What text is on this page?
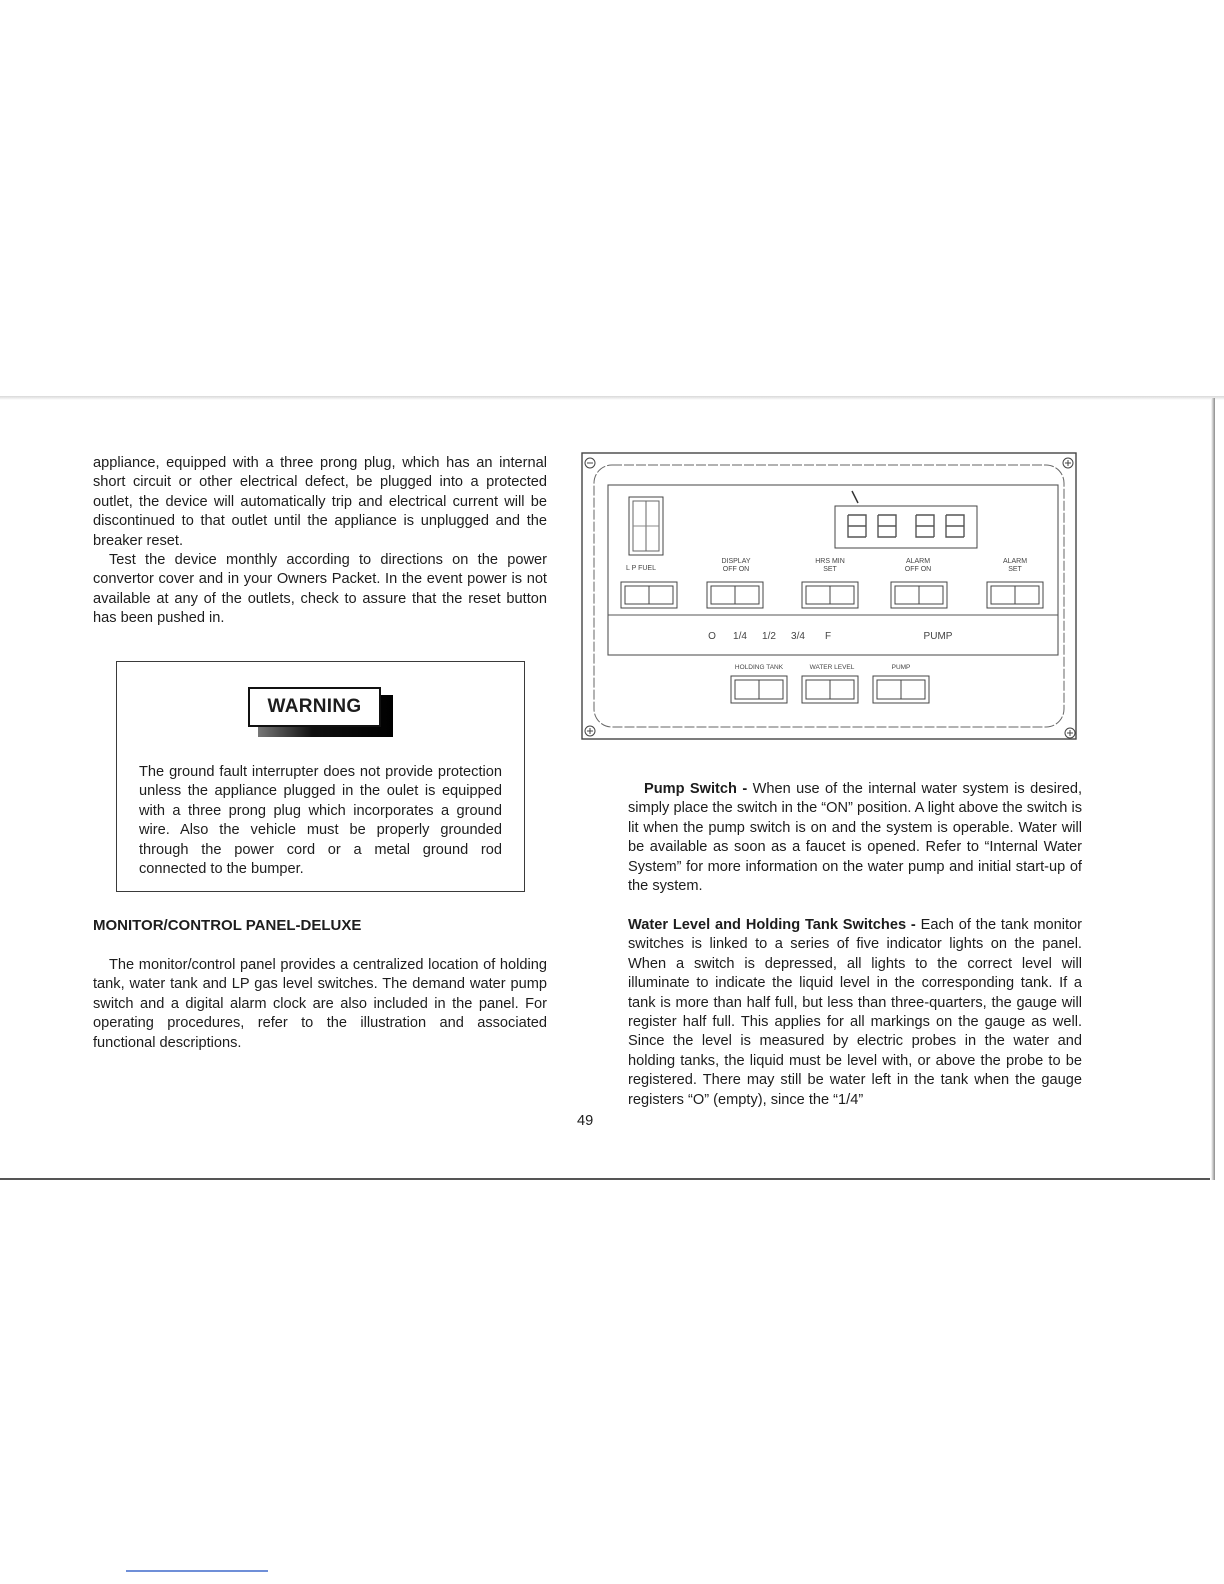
appliance, equipped with a three prong plug, which has an internal short circuit or other electrical defect, be plugged into a protected outlet, the device will automatically trip and electrical current will be discontinued to that outlet until the appliance is unplugged and the breaker reset.

Test the device monthly according to directions on the power convertor cover and in your Owners Packet. In the event power is not available at any of the outlets, check to assure that the reset button has been pushed in.

WARNING
The ground fault interrupter does not provide protection unless the appliance plugged in the oulet is equipped with a three prong plug which incorporates a ground wire. Also the vehicle must be properly grounded through the power cord or a metal ground rod connected to the bumper.
MONITOR/CONTROL PANEL-DELUXE

The monitor/control panel provides a centralized location of holding tank, water tank and LP gas level switches. The demand water pump switch and a digital alarm clock are also included in the panel. For operating procedures, refer to the illustration and associated functional descriptions.

49
L P FUEL
DISPLAY
OFF ON
HRS MIN
SET
ALARM
OFF ON
ALARM
SET
O 1/4 1/2 3/4 F	PUMP
HOLDING TANK	WATER LEVEL	PUMP

Pump Switch - When use of the internal water system is desired, simply place the switch in the “ON” position. A light above the switch is lit when the pump switch is on and the system is operable. Water will be available as soon as a faucet is opened. Refer to “Internal Water System” for more information on the water pump and initial start-up of the system.

Water Level and Holding Tank Switches - Each of the tank monitor switches is linked to a series of five indicator lights on the panel. When a switch is depressed, all lights to the correct level will illuminate to indicate the liquid level in the corresponding tank. If a tank is more than half full, but less than three-quarters, the gauge will register half full. This applies for all markings on the gauge as well. Since the level is measured by electric probes in the water and holding tanks, the liquid must be level with, or above the probe to be registered. There may still be water left in the tank when the gauge registers “O” (empty), since the “1/4”
